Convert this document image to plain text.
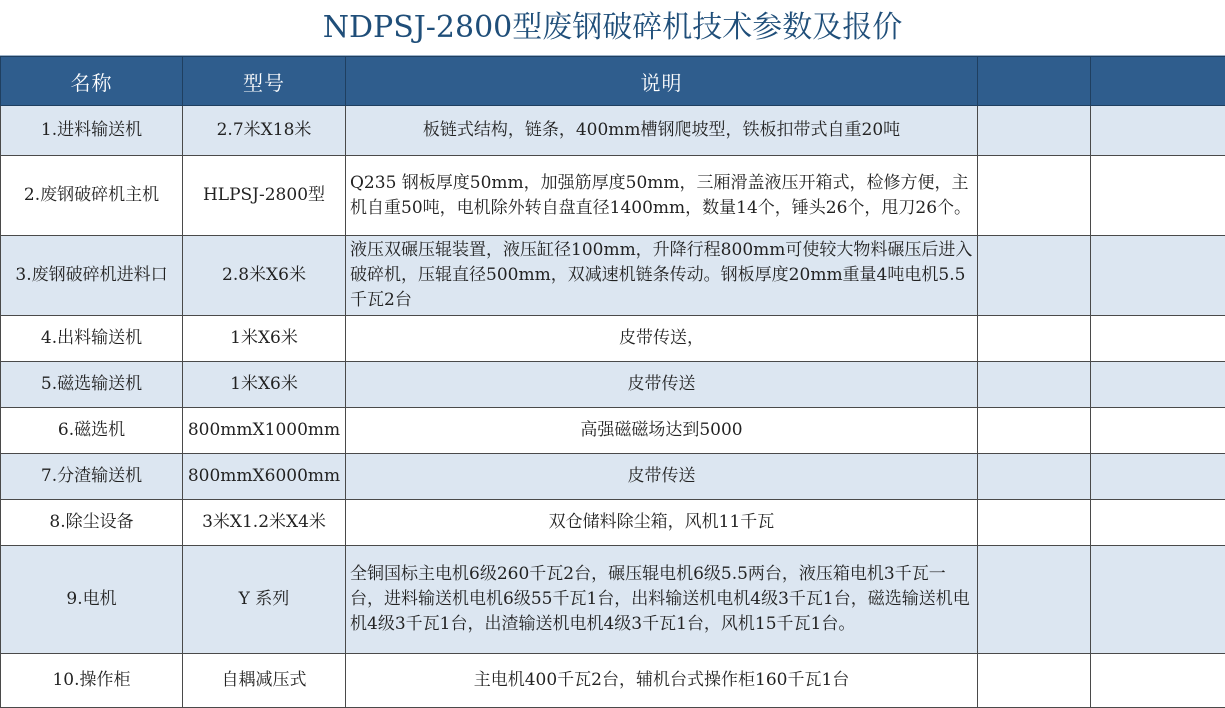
NDPSJ-2800型废钢破碎机技术参数及报价
名称	型号	说明		
1.进料输送机	2.7米X18米	板链式结构，链条，400mm槽钢爬坡型，铁板扣带式自重20吨		
2.废钢破碎机主机	HLPSJ-2800型	Q235 钢板厚度50mm，加强筋厚度50mm，三厢滑盖液压开箱式，检修方便，主机自重50吨，电机除外转自盘直径1400mm，数量14个，锤头26个，甩刀26个。		
3.废钢破碎机进料口	2.8米X6米	液压双碾压辊装置，液压缸径100mm，升降行程800mm可使较大物料碾压后进入破碎机，压辊直径500mm，双减速机链条传动。钢板厚度20mm重量4吨电机5.5千瓦2台		
4.出料输送机	1米X6米	皮带传送，		
5.磁选输送机	1米X6米	皮带传送		
6.磁选机	800mmX1000mm	高强磁磁场达到5000		
7.分渣输送机	800mmX6000mm	皮带传送		
8.除尘设备	3米X1.2米X4米	双仓储料除尘箱，风机11千瓦		
9.电机	Y 系列	全铜国标主电机6级260千瓦2台，碾压辊电机6级5.5两台，液压箱电机3千瓦一台，进料输送机电机6级55千瓦1台，出料输送机电机4级3千瓦1台，磁选输送机电机4级3千瓦1台，出渣输送机电机4级3千瓦1台，风机15千瓦1台。		
10.操作柜	自耦减压式	主电机400千瓦2台，辅机台式操作柜160千瓦1台		
